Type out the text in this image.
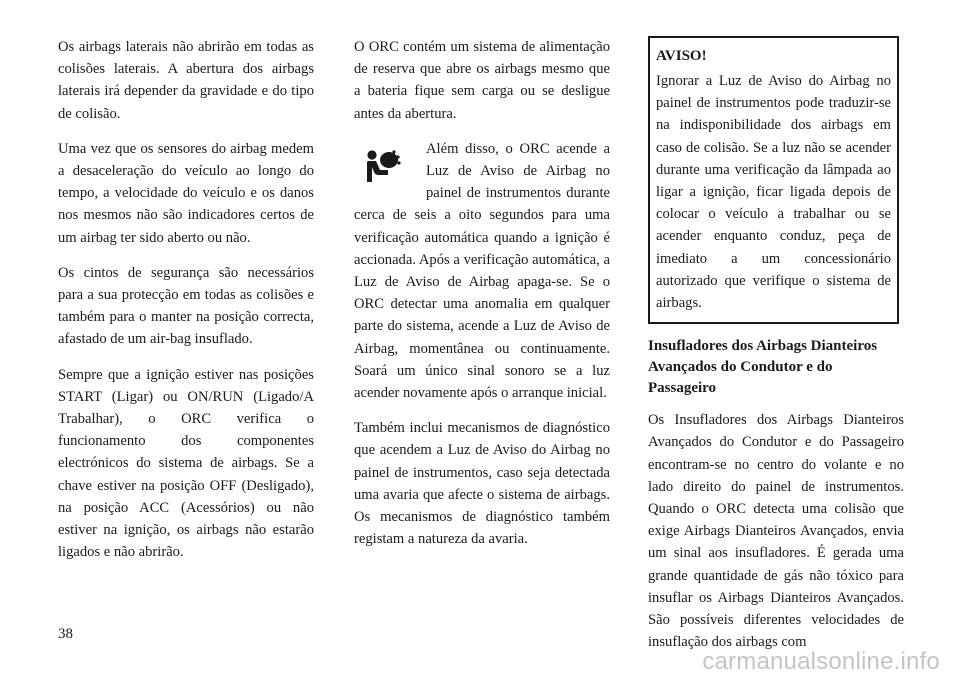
Os airbags laterais não abrirão em todas as colisões laterais. A abertura dos airbags laterais irá depender da gravidade e do tipo de colisão.

Uma vez que os sensores do airbag medem a desaceleração do veículo ao longo do tempo, a velocidade do veículo e os danos nos mesmos não são indicadores certos de um airbag ter sido aberto ou não.

Os cintos de segurança são necessários para a sua protecção em todas as colisões e também para o manter na posição correcta, afastado de um air-bag insuflado.

Sempre que a ignição estiver nas posições START (Ligar) ou ON/RUN (Ligado/A Trabalhar), o ORC verifica o funcionamento dos componentes electrónicos do sistema de airbags. Se a chave estiver na posição OFF (Desligado), na posição ACC (Acessórios) ou não estiver na ignição, os airbags não estarão ligados e não abrirão.

O ORC contém um sistema de alimentação de reserva que abre os airbags mesmo que a bateria fique sem carga ou se desligue antes da abertura.

Além disso, o ORC acende a Luz de Aviso de Airbag no painel de instrumentos durante cerca de seis a oito segundos para uma verificação automática quando a ignição é accionada. Após a verificação automática, a Luz de Aviso de Airbag apaga-se. Se o ORC detectar uma anomalia em qualquer parte do sistema, acende a Luz de Aviso de Airbag, momentânea ou continuamente. Soará um único sinal sonoro se a luz acender novamente após o arranque inicial.

Também inclui mecanismos de diagnóstico que acendem a Luz de Aviso do Airbag no painel de instrumentos, caso seja detectada uma avaria que afecte o sistema de airbags. Os mecanismos de diagnóstico também registam a natureza da avaria.

AVISO!

Ignorar a Luz de Aviso do Airbag no painel de instrumentos pode traduzir-se na indisponibilidade dos airbags em caso de colisão. Se a luz não se acender durante uma verificação da lâmpada ao ligar a ignição, ficar ligada depois de colocar o veículo a trabalhar ou se acender enquanto conduz, peça de imediato a um concessionário autorizado que verifique o sistema de airbags.

Insufladores dos Airbags Dianteiros Avançados do Condutor e do Passageiro

Os Insufladores dos Airbags Dianteiros Avançados do Condutor e do Passageiro encontram-se no centro do volante e no lado direito do painel de instrumentos. Quando o ORC detecta uma colisão que exige Airbags Dianteiros Avançados, envia um sinal aos insufladores. É gerada uma grande quantidade de gás não tóxico para insuflar os Airbags Dianteiros Avançados. São possíveis diferentes velocidades de insuflação dos airbags com

38
carmanualsonline.info
